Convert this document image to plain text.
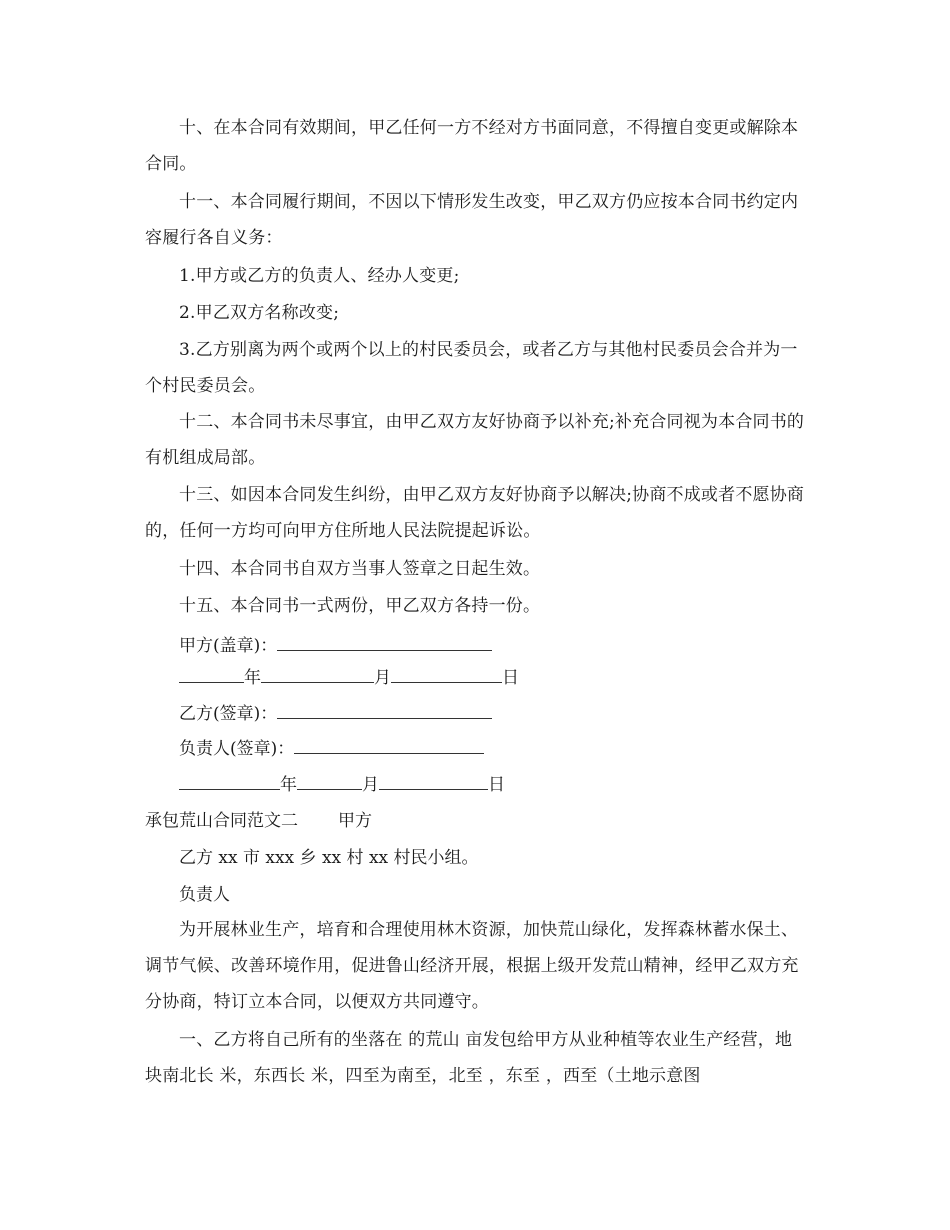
十、在本合同有效期间，甲乙任何一方不经对方书面同意，不得擅自变更或解除本合同。
十一、本合同履行期间，不因以下情形发生改变，甲乙双方仍应按本合同书约定内容履行各自义务：
1.甲方或乙方的负责人、经办人变更;
2.甲乙双方名称改变;
3.乙方别离为两个或两个以上的村民委员会，或者乙方与其他村民委员会合并为一个村民委员会。
十二、本合同书未尽事宜，由甲乙双方友好协商予以补充;补充合同视为本合同书的有机组成局部。
十三、如因本合同发生纠纷，由甲乙双方友好协商予以解决;协商不成或者不愿协商的，任何一方均可向甲方住所地人民法院提起诉讼。
十四、本合同书自双方当事人签章之日起生效。
十五、本合同书一式两份，甲乙双方各持一份。
甲方(盖章)：
年	月	日
乙方(签章)：
负责人(签章)：
年	月	日
承包荒山合同范文二 甲方
乙方 xx 市 xxx 乡 xx 村 xx 村民小组。
负责人
为开展林业生产，培育和合理使用林木资源，加快荒山绿化，发挥森林蓄水保土、调节气候、改善环境作用，促进鲁山经济开展，根据上级开发荒山精神，经甲乙双方充分协商，特订立本合同，以便双方共同遵守。
一、乙方将自己所有的坐落在 的荒山 亩发包给甲方从业种植等农业生产经营，地块南北长 米，东西长 米，四至为南至，北至 ，东至 ，西至（土地示意图
